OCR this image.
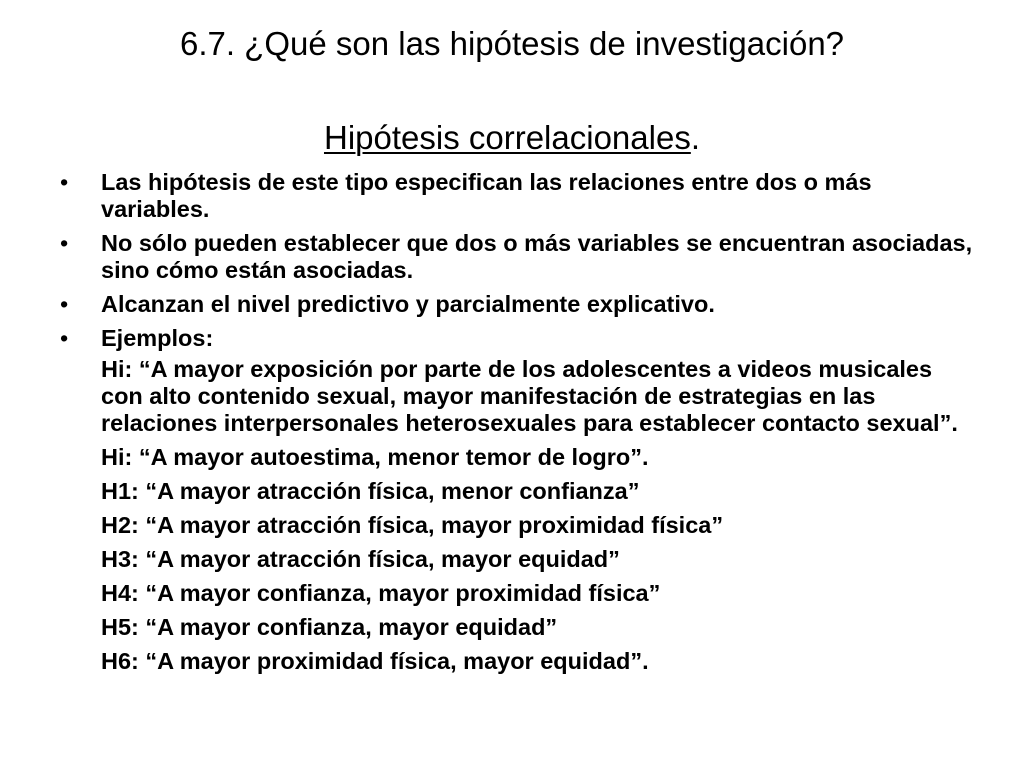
6.7. ¿Qué son las hipótesis de investigación?
Hipótesis correlacionales.
•	Las hipótesis de este tipo especifican las relaciones entre dos o más variables.
•	No sólo pueden establecer que dos o más variables se encuentran asociadas, sino cómo están asociadas.
•	Alcanzan el nivel predictivo y parcialmente explicativo.
•	Ejemplos:
Hi: “A mayor exposición por parte de los adolescentes a videos musicales con alto contenido sexual, mayor manifestación de estrategias en las relaciones interpersonales heterosexuales para establecer contacto sexual”.
Hi: “A mayor autoestima, menor temor de logro”.
H1: “A mayor atracción física, menor confianza”
H2: “A mayor atracción física, mayor proximidad física”
H3: “A mayor atracción física, mayor equidad”
H4: “A mayor confianza, mayor proximidad física”
H5: “A mayor confianza, mayor equidad”
H6: “A mayor proximidad física, mayor equidad”.
